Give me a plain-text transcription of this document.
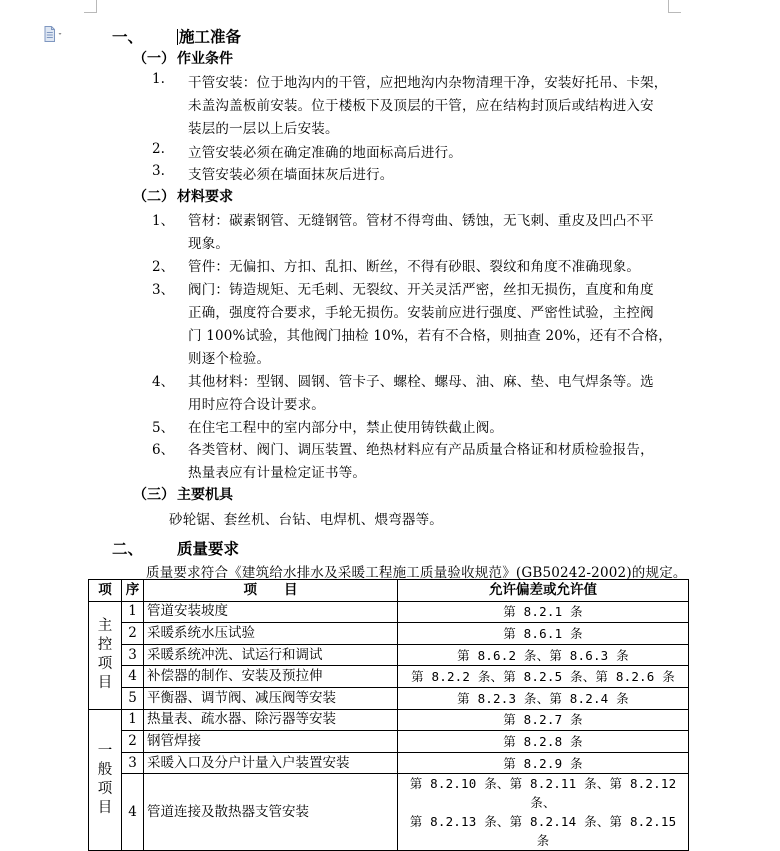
一、 施工准备
（一） 作业条件
1. 干管安装：位于地沟内的干管，应把地沟内杂物清理干净，安装好托吊、卡架，
未盖沟盖板前安装。位于楼板下及顶层的干管，应在结构封顶后或结构进入安
装层的一层以上后安装。
2. 立管安装必须在确定准确的地面标高后进行。
3. 支管安装必须在墙面抹灰后进行。
（二） 材料要求
1、 管材：碳素钢管、无缝钢管。管材不得弯曲、锈蚀，无飞刺、重皮及凹凸不平
现象。
2、 管件：无偏扣、方扣、乱扣、断丝，不得有砂眼、裂纹和角度不准确现象。
3、 阀门：铸造规矩、无毛刺、无裂纹、开关灵活严密，丝扣无损伤，直度和角度
正确，强度符合要求，手轮无损伤。安装前应进行强度、严密性试验，主控阀
门 100%试验，其他阀门抽检 10%，若有不合格，则抽查 20%，还有不合格，
则逐个检验。
4、 其他材料：型钢、圆钢、管卡子、螺栓、螺母、油、麻、垫、电气焊条等。选
用时应符合设计要求。
5、 在住宅工程中的室内部分中，禁止使用铸铁截止阀。
6、 各类管材、阀门、调压装置、绝热材料应有产品质量合格证和材质检验报告，
热量表应有计量检定证书等。
（三） 主要机具
砂轮锯、套丝机、台钻、电焊机、煨弯器等。
二、 质量要求
质量要求符合《建筑给水排水及采暖工程施工质量验收规范》(GB50242-2002)的规定。
项	序	项　　目	允许偏差或允许值

主控项目	1	管道安装坡度	第 8.2.1 条
	2	采暖系统水压试验	第 8.6.1 条
	3	采暖系统冲洗、试运行和调试	第 8.6.2 条、第 8.6.3 条
	4	补偿器的制作、安装及预拉伸	第 8.2.2 条、第 8.2.5 条、第 8.2.6 条
	5	平衡器、调节阀、减压阀等安装	第 8.2.3 条、第 8.2.4 条

一般项目	1	热量表、疏水器、除污器等安装	第 8.2.7 条
	2	钢管焊接	第 8.2.8 条
	3	采暖入口及分户计量入户装置安装	第 8.2.9 条
	4	管道连接及散热器支管安装	第 8.2.10 条、第 8.2.11 条、第 8.2.12 条、
第 8.2.13 条、第 8.2.14 条、第 8.2.15 条
